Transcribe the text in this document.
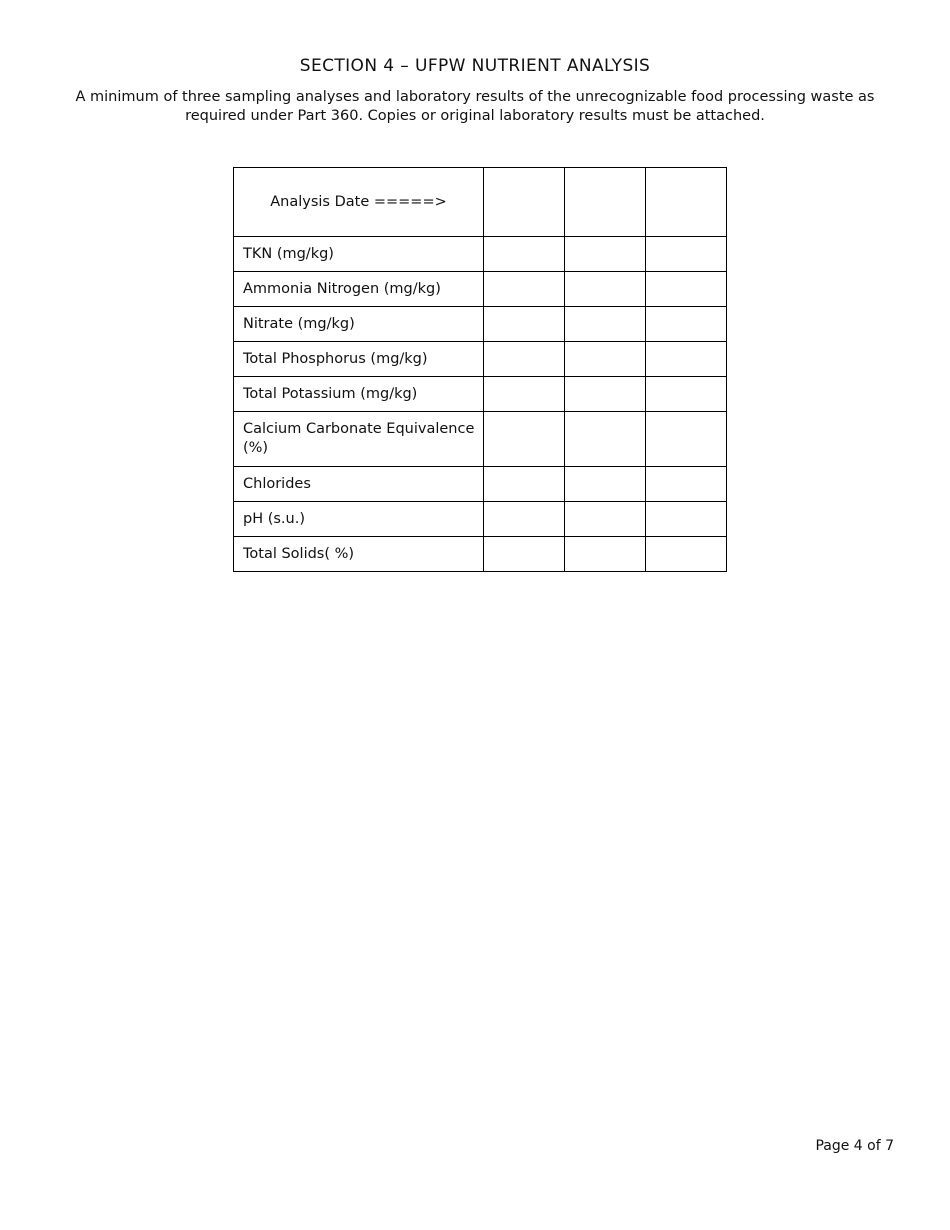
SECTION 4 – UFPW NUTRIENT ANALYSIS
A minimum of three sampling analyses and laboratory results of the unrecognizable food processing waste as required under Part 360. Copies or original laboratory results must be attached.
Analysis Date =====>			
TKN (mg/kg)			
Ammonia Nitrogen (mg/kg)			
Nitrate (mg/kg)			
Total Phosphorus (mg/kg)			
Total Potassium (mg/kg)			
Calcium Carbonate Equivalence (%)			
Chlorides			
pH (s.u.)			
Total Solids( %)			
Page 4 of 7
